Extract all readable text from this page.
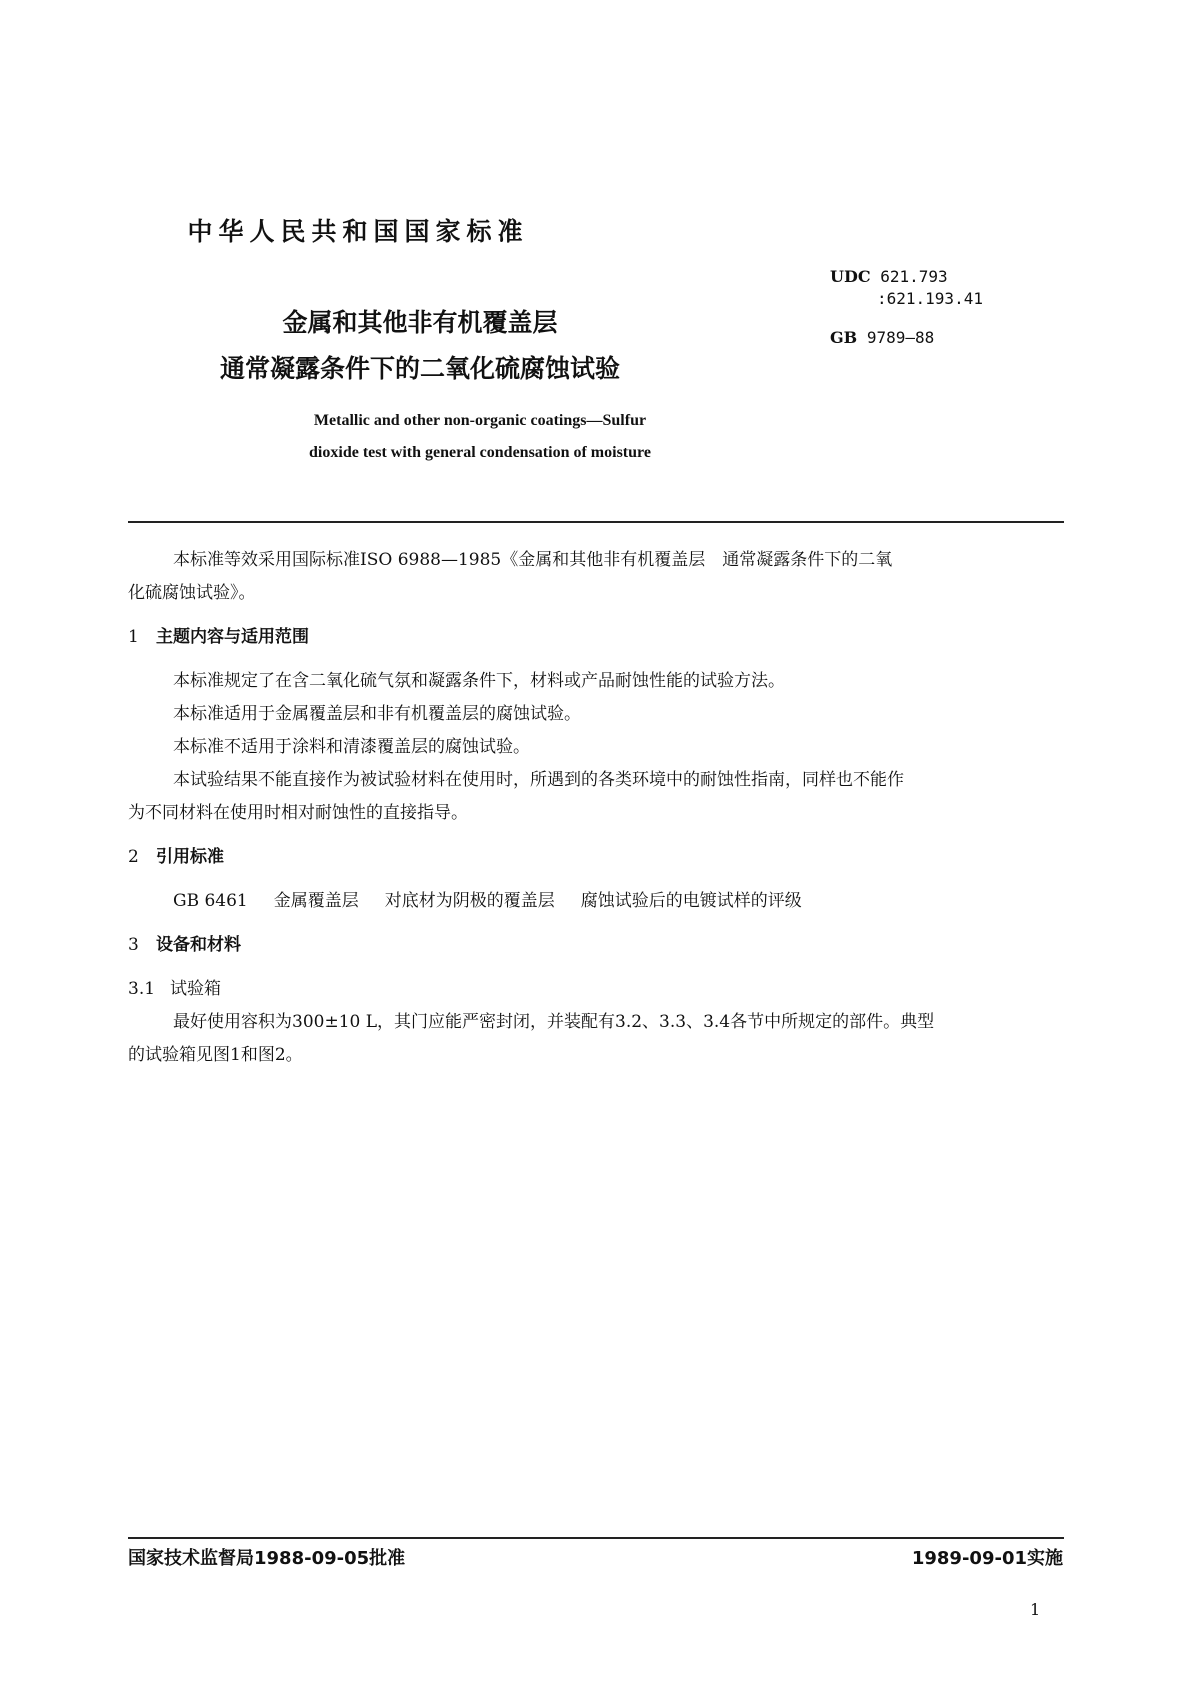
中华人民共和国国家标准
UDC 621.793
:621.193.41
GB 9789—88
金属和其他非有机覆盖层
通常凝露条件下的二氧化硫腐蚀试验
Metallic and other non-organic coatings—Sulfur
dioxide test with general condensation of moisture

本标准等效采用国际标准ISO 6988—1985《金属和其他非有机覆盖层　通常凝露条件下的二氧

化硫腐蚀试验》。

1 主题内容与适用范围

本标准规定了在含二氧化硫气氛和凝露条件下，材料或产品耐蚀性能的试验方法。

本标准适用于金属覆盖层和非有机覆盖层的腐蚀试验。

本标准不适用于涂料和清漆覆盖层的腐蚀试验。

本试验结果不能直接作为被试验材料在使用时，所遇到的各类环境中的耐蚀性指南，同样也不能作

为不同材料在使用时相对耐蚀性的直接指导。

2 引用标准
GB 6461 金属覆盖层 对底材为阴极的覆盖层 腐蚀试验后的电镀试样的评级
3 设备和材料
3.1 试验箱

最好使用容积为300±10 L，其门应能严密封闭，并装配有3.2、3.3、3.4各节中所规定的部件。典型

的试验箱见图1和图2。

国家技术监督局1988-09-05批准	1989-09-01实施
1
